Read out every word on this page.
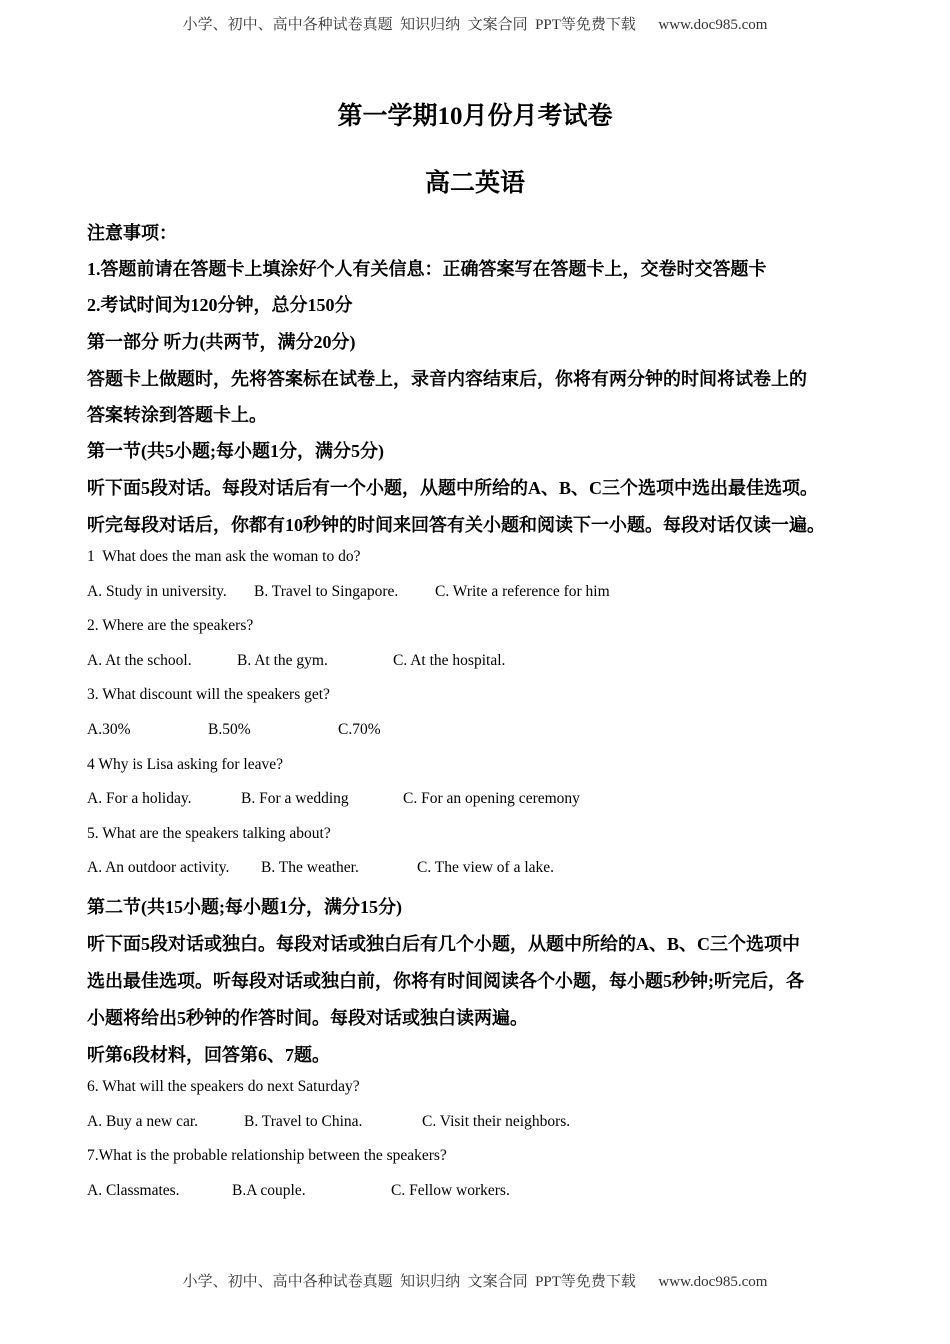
小学、初中、高中各种试卷真题  知识归纳  文案合同  PPT等免费下载      www.doc985.com
第一学期10月份月考试卷
高二英语
注意事项：
1.答题前请在答题卡上填涂好个人有关信息：正确答案写在答题卡上，交卷时交答题卡
2.考试时间为120分钟，总分150分
第一部分 听力(共两节，满分20分)
答题卡上做题时，先将答案标在试卷上，录音内容结束后，你将有两分钟的时间将试卷上的
答案转涂到答题卡上。
第一节(共5小题;每小题1分，满分5分)
听下面5段对话。每段对话后有一个小题，从题中所给的A、B、C三个选项中选出最佳选项。
听完每段对话后，你都有10秒钟的时间来回答有关小题和阅读下一小题。每段对话仅读一遍。
1  What does the man ask the woman to do?
A. Study in university. B. Travel to Singapore. C. Write a reference for him
2. Where are the speakers?
A. At the school.	B. At the gym.	C. At the hospital.
3. What discount will the speakers get?
A.30%	B.50%	C.70%
4 Why is Lisa asking for leave?
A. For a holiday.	B. For a wedding	C. For an opening ceremony
5. What are the speakers talking about?
A. An outdoor activity. B. The weather.	C. The view of a lake.
第二节(共15小题;每小题1分，满分15分)
听下面5段对话或独白。每段对话或独白后有几个小题，从题中所给的A、B、C三个选项中
选出最佳选项。听每段对话或独白前，你将有时间阅读各个小题，每小题5秒钟;听完后，各
小题将给出5秒钟的作答时间。每段对话或独白读两遍。
听第6段材料，回答第6、7题。
6. What will the speakers do next Saturday?
A. Buy a new car.	B. Travel to China.	C. Visit their neighbors.
7.What is the probable relationship between the speakers?
A. Classmates.	B.A couple.	C. Fellow workers.
小学、初中、高中各种试卷真题  知识归纳  文案合同  PPT等免费下载      www.doc985.com
